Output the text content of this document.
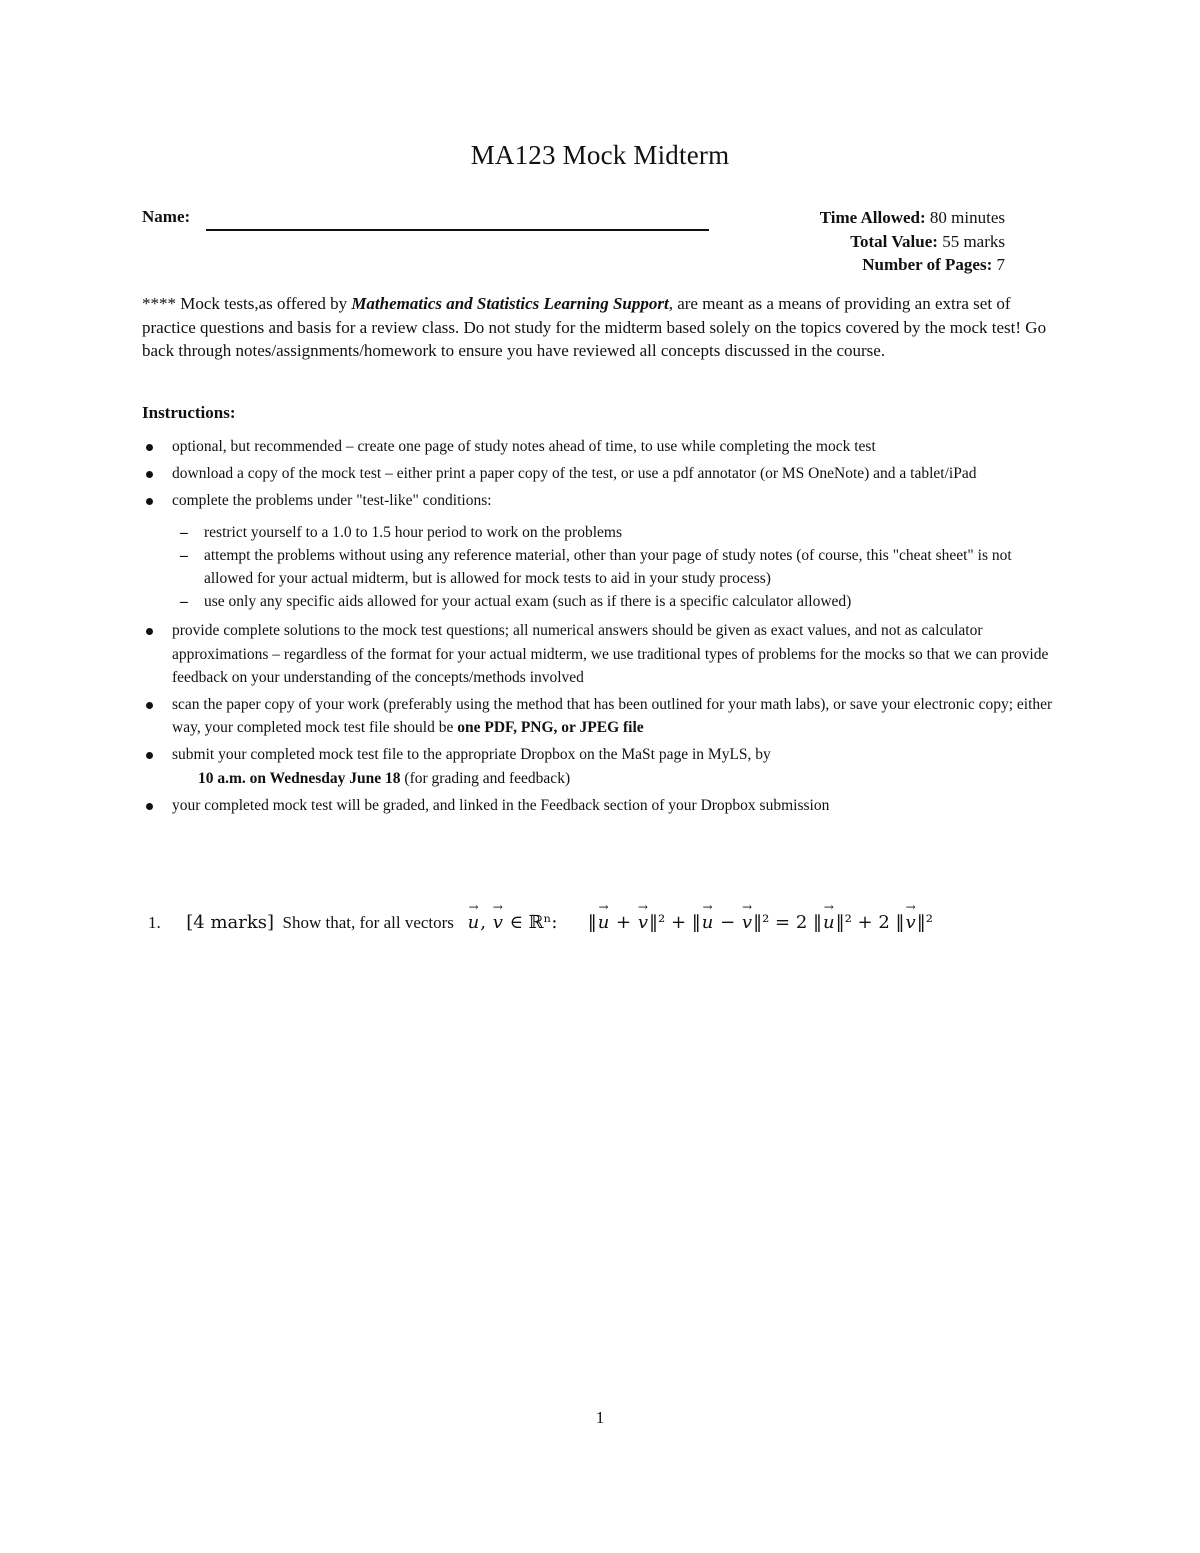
MA123 Mock Midterm
Name:	Time Allowed: 80 minutes
Total Value: 55 marks
Number of Pages: 7
**** Mock tests,as offered by Mathematics and Statistics Learning Support, are meant as a means of providing an extra set of practice questions and basis for a review class. Do not study for the midterm based solely on the topics covered by the mock test! Go back through notes/assignments/homework to ensure you have reviewed all concepts discussed in the course.
Instructions:
optional, but recommended – create one page of study notes ahead of time, to use while completing the mock test
download a copy of the mock test – either print a paper copy of the test, or use a pdf annotator (or MS OneNote) and a tablet/iPad
complete the problems under "test-like" conditions:
– restrict yourself to a 1.0 to 1.5 hour period to work on the problems
– attempt the problems without using any reference material, other than your page of study notes (of course, this "cheat sheet" is not allowed for your actual midterm, but is allowed for mock tests to aid in your study process)
– use only any specific aids allowed for your actual exam (such as if there is a specific calculator allowed)
provide complete solutions to the mock test questions; all numerical answers should be given as exact values, and not as calculator approximations – regardless of the format for your actual midterm, we use traditional types of problems for the mocks so that we can provide feedback on your understanding of the concepts/methods involved
scan the paper copy of your work (preferably using the method that has been outlined for your math labs), or save your electronic copy; either way, your completed mock test file should be one PDF, PNG, or JPEG file
submit your completed mock test file to the appropriate Dropbox on the MaSt page in MyLS, by
10 a.m. on Wednesday June 18 (for grading and feedback)
your completed mock test will be graded, and linked in the Feedback section of your Dropbox submission
1. [4 marks] Show that, for all vectors   → u, → v ∈ ℝⁿ: ‖→ u + → v‖² + ‖→ u − → v‖² = 2 ‖→ u‖² + 2 ‖→ v‖²
1
